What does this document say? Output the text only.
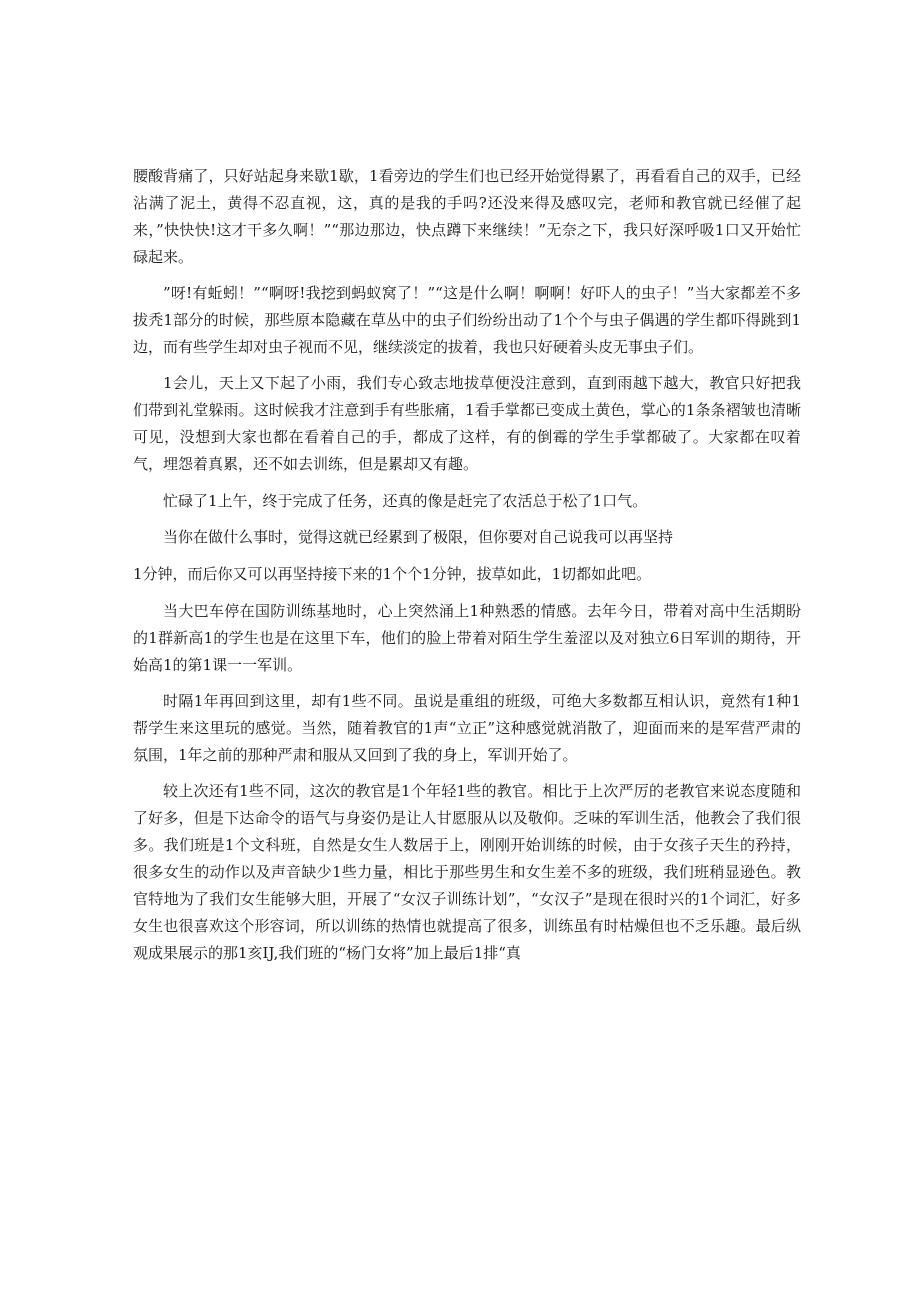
腰酸背痛了，只好站起身来歇1歇，1看旁边的学生们也已经开始觉得累了，再看看自己的双手，已经沾满了泥土，黄得不忍直视，这，真的是我的手吗?还没来得及感叹完，老师和教官就已经催了起来，”快快快!这才干多久啊！”“那边那边，快点蹲下来继续！”无奈之下，我只好深呼吸1口又开始忙碌起来。

”呀!有蚯蚓！”“啊呀!我挖到蚂蚁窝了！”“这是什么啊！啊啊！好吓人的虫子！”当大家都差不多拔秃1部分的时候，那些原本隐藏在草丛中的虫子们纷纷出动了1个个与虫子偶遇的学生都吓得跳到1边，而有些学生却对虫子视而不见，继续淡定的拔着，我也只好硬着头皮无事虫子们。

1会儿，天上又下起了小雨，我们专心致志地拔草便没注意到，直到雨越下越大，教官只好把我们带到礼堂躲雨。这时候我才注意到手有些胀痛，1看手掌都已变成土黄色，掌心的1条条褶皱也清晰可见，没想到大家也都在看着自己的手，都成了这样，有的倒霉的学生手掌都破了。大家都在叹着气，埋怨着真累，还不如去训练，但是累却又有趣。

忙碌了1上午，终于完成了任务，还真的像是赶完了农活总于松了1口气。

当你在做什么事时，觉得这就已经累到了极限，但你要对自己说我可以再坚持

1分钟，而后你又可以再坚持接下来的1个个1分钟，拔草如此，1切都如此吧。

当大巴车停在国防训练基地时，心上突然涌上1种熟悉的情感。去年今日，带着对高中生活期盼的1群新高1的学生也是在这里下车，他们的脸上带着对陌生学生羞涩以及对独立6日军训的期待，开始高1的第1课一一军训。

时隔1年再回到这里，却有1些不同。虽说是重组的班级，可绝大多数都互相认识，竟然有1种1帮学生来这里玩的感觉。当然，随着教官的1声“立正”这种感觉就消散了，迎面而来的是军营严肃的氛围，1年之前的那种严肃和服从又回到了我的身上，军训开始了。

较上次还有1些不同，这次的教官是1个年轻1些的教官。相比于上次严厉的老教官来说态度随和了好多，但是下达命令的语气与身姿仍是让人甘愿服从以及敬仰。乏味的军训生活，他教会了我们很多。我们班是1个文科班，自然是女生人数居于上，刚刚开始训练的时候，由于女孩子天生的矜持，很多女生的动作以及声音缺少1些力量，相比于那些男生和女生差不多的班级，我们班稍显逊色。教官特地为了我们女生能够大胆，开展了“女汉子训练计划”，“女汉子”是现在很时兴的1个词汇，好多女生也很喜欢这个形容词，所以训练的热情也就提高了很多，训练虽有时枯燥但也不乏乐趣。最后纵观成果展示的那1亥IJ,我们班的“杨门女将”加上最后1排“真
